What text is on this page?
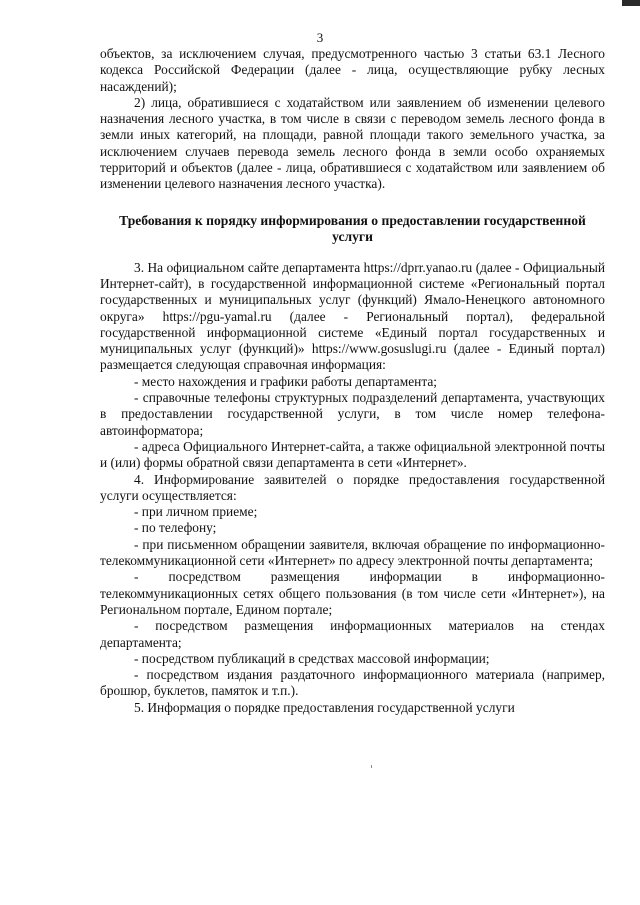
3

объектов, за исключением случая, предусмотренного частью 3 статьи 63.1 Лесного кодекса Российской Федерации (далее - лица, осуществляющие рубку лесных насаждений);

2) лица, обратившиеся с ходатайством или заявлением об изменении целевого назначения лесного участка, в том числе в связи с переводом земель лесного фонда в земли иных категорий, на площади, равной площади такого земельного участка, за исключением случаев перевода земель лесного фонда в земли особо охраняемых территорий и объектов (далее - лица, обратившиеся с ходатайством или заявлением об изменении целевого назначения лесного участка).

Требования к порядку информирования о предоставлении государственной услуги

3. На официальном сайте департамента https://dprr.yanao.ru (далее - Официальный Интернет-сайт), в государственной информационной системе «Региональный портал государственных и муниципальных услуг (функций) Ямало-Ненецкого автономного округа» https://pgu-yamal.ru (далее - Региональный портал), федеральной государственной информационной системе «Единый портал государственных и муниципальных услуг (функций)» https://www.gosuslugi.ru (далее - Единый портал) размещается следующая справочная информация:

- место нахождения и графики работы департамента;

- справочные телефоны структурных подразделений департамента, участвующих в предоставлении государственной услуги, в том числе номер телефона-автоинформатора;

- адреса Официального Интернет-сайта, а также официальной электронной почты и (или) формы обратной связи департамента в сети «Интернет».

4. Информирование заявителей о порядке предоставления государственной услуги осуществляется:

- при личном приеме;

- по телефону;

- при письменном обращении заявителя, включая обращение по информационно-телекоммуникационной сети «Интернет» по адресу электронной почты департамента;

- посредством размещения информации в информационно-телекоммуникационных сетях общего пользования (в том числе сети «Интернет»), на Региональном портале, Едином портале;

- посредством размещения информационных материалов на стендах департамента;

- посредством публикаций в средствах массовой информации;

- посредством издания раздаточного информационного материала (например, брошюр, буклетов, памяток и т.п.).

5. Информация о порядке предоставления государственной услуги
